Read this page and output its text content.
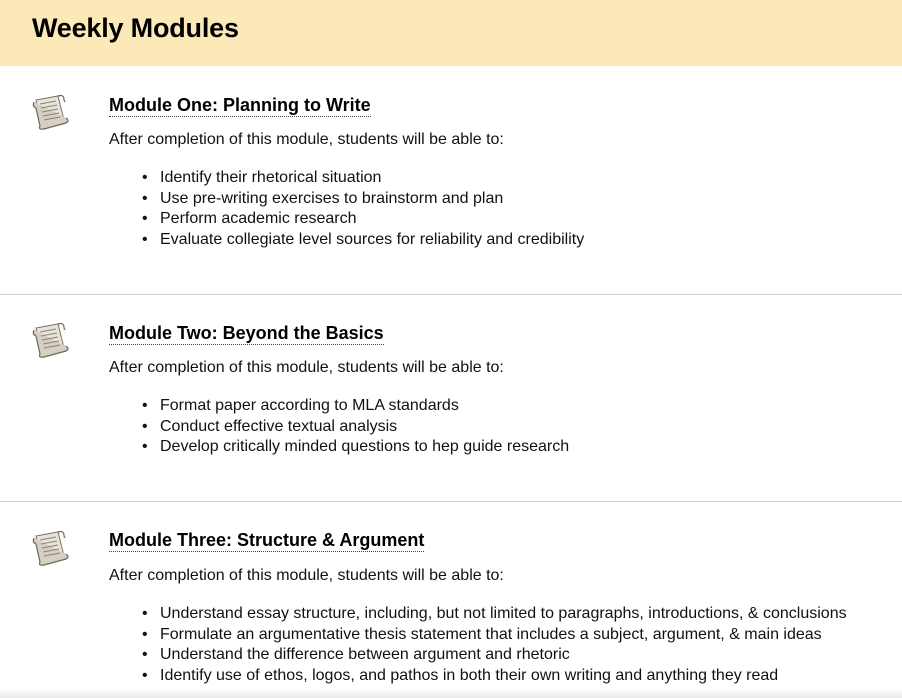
Weekly Modules
Module One: Planning to Write

After completion of this module, students will be able to:

• Identify their rhetorical situation
• Use pre-writing exercises to brainstorm and plan
• Perform academic research
• Evaluate collegiate level sources for reliability and credibility
Module Two: Beyond the Basics

After completion of this module, students will be able to:

• Format paper according to MLA standards
• Conduct effective textual analysis
• Develop critically minded questions to hep guide research
Module Three: Structure & Argument

After completion of this module, students will be able to:

• Understand essay structure, including, but not limited to paragraphs, introductions, & conclusions
• Formulate an argumentative thesis statement that includes a subject, argument, & main ideas
• Understand the difference between argument and rhetoric
• Identify use of ethos, logos, and pathos in both their own writing and anything they read
